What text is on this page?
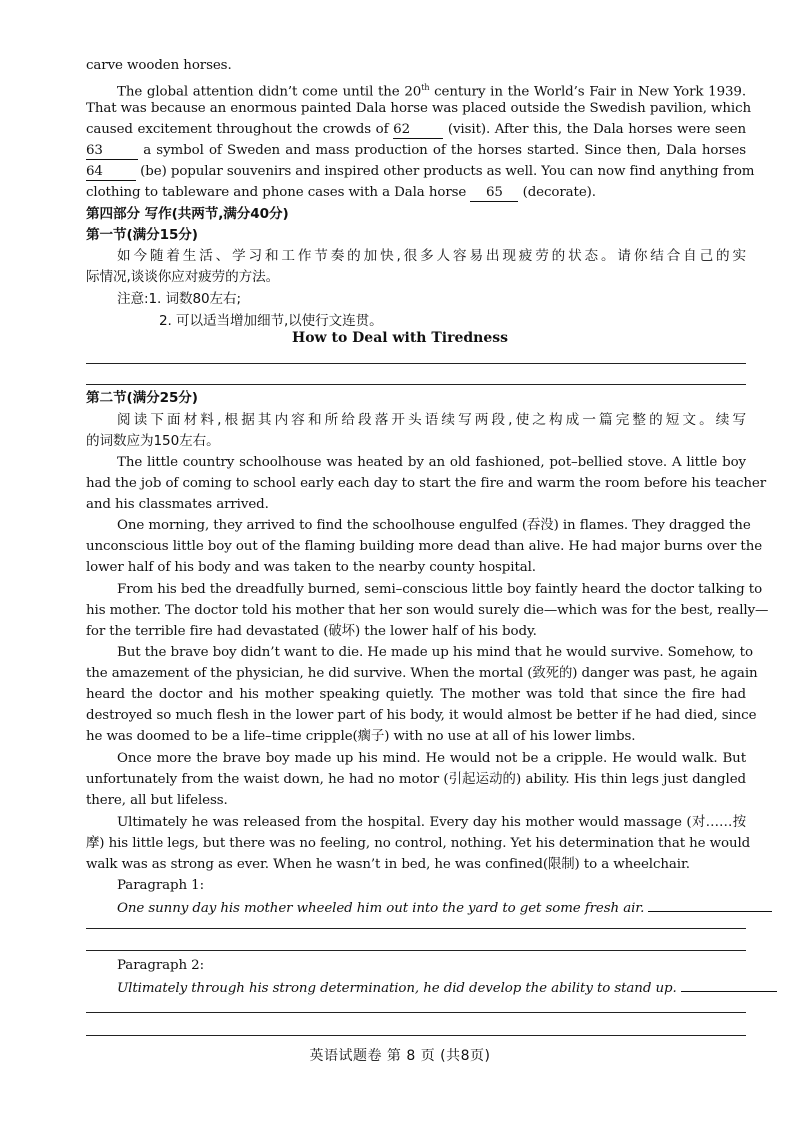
carve wooden horses.
The global attention didn’t come until the 20th century in the World’s Fair in New York 1939.
That was because an enormous painted Dala horse was placed outside the Swedish pavilion, which
caused excitement throughout the crowds of 62	(visit). After this, the Dala horses were seen
63	a symbol of Sweden and mass production of the horses started. Since then, Dala horses
64	(be) popular souvenirs and inspired other products as well. You can now find anything from
clothing to tableware and phone cases with a Dala horse 65 (decorate).
第四部分 写作(共两节,满分40分)
第一节(满分15分)
如今随着生活、学习和工作节奏的加快,很多人容易出现疲劳的状态。请你结合自己的实
际情况,谈谈你应对疲劳的方法。
注意:1. 词数80左右;
2. 可以适当增加细节,以使行文连贯。
How to Deal with Tiredness
第二节(满分25分)
阅读下面材料,根据其内容和所给段落开头语续写两段,使之构成一篇完整的短文。续写
的词数应为150左右。
The little country schoolhouse was heated by an old fashioned, pot–bellied stove. A little boy
had the job of coming to school early each day to start the fire and warm the room before his teacher
and his classmates arrived.
One morning, they arrived to find the schoolhouse engulfed (吞没) in flames. They dragged the
unconscious little boy out of the flaming building more dead than alive. He had major burns over the
lower half of his body and was taken to the nearby county hospital.
From his bed the dreadfully burned, semi–conscious little boy faintly heard the doctor talking to
his mother. The doctor told his mother that her son would surely die—which was for the best, really—
for the terrible fire had devastated (破坏) the lower half of his body.
But the brave boy didn’t want to die. He made up his mind that he would survive. Somehow, to
the amazement of the physician, he did survive. When the mortal (致死的) danger was past, he again
heard the doctor and his mother speaking quietly. The mother was told that since the fire had
destroyed so much flesh in the lower part of his body, it would almost be better if he had died, since
he was doomed to be a life–time cripple(瘸子) with no use at all of his lower limbs.
Once more the brave boy made up his mind. He would not be a cripple. He would walk. But
unfortunately from the waist down, he had no motor (引起运动的) ability. His thin legs just dangled
there, all but lifeless.
Ultimately he was released from the hospital. Every day his mother would massage (对……按
摩) his little legs, but there was no feeling, no control, nothing. Yet his determination that he would
walk was as strong as ever. When he wasn’t in bed, he was confined(限制) to a wheelchair.
Paragraph 1:
One sunny day his mother wheeled him out into the yard to get some fresh air.
Paragraph 2:
Ultimately through his strong determination, he did develop the ability to stand up.
英语试题卷 第 8 页 (共8页)
